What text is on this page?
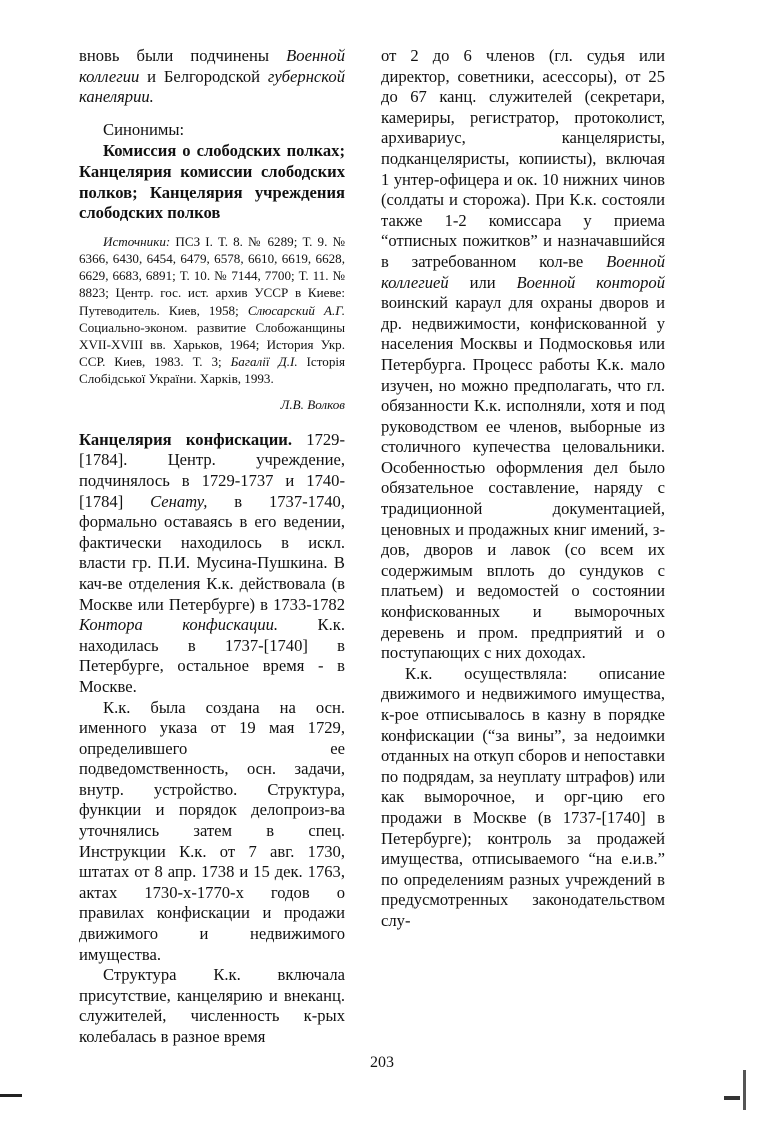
вновь были подчинены Военной коллегии и Белгородской губернской канелярии.

Синонимы:

Комиссия о слободских полках; Канцелярия комиссии слободских полков; Канцелярия учреждения слободских полков

Источники: ПСЗ I. Т. 8. № 6289; Т. 9. № 6366, 6430, 6454, 6479, 6578, 6610, 6619, 6628, 6629, 6683, 6891; Т. 10. № 7144, 7700; Т. 11. № 8823; Центр. гос. ист. архив УССР в Киеве: Путеводитель. Киев, 1958; Слюсарский А.Г. Социально-эконом. развитие Слобожанщины XVII-XVIII вв. Харьков, 1964; История Укр. ССР. Киев, 1983. Т. 3; Багалії Д.І. Історія Слобідської України. Харків, 1993.

Л.В. Волков

Канцелярия конфискации. 1729-[1784]. Центр. учреждение, подчинялось в 1729-1737 и 1740-[1784] Сенату, в 1737-1740, формально оставаясь в его ведении, фактически находилось в искл. власти гр. П.И. Мусина-Пушкина. В кач-ве отделения К.к. действовала (в Москве или Петербурге) в 1733-1782 Контора конфискации. К.к. находилась в 1737-[1740] в Петербурге, остальное время - в Москве.

К.к. была создана на осн. именного указа от 19 мая 1729, определившего ее подведомственность, осн. задачи, внутр. устройство. Структура, функции и порядок делопроиз-ва уточнялись затем в спец. Инструкции К.к. от 7 авг. 1730, штатах от 8 апр. 1738 и 15 дек. 1763, актах 1730-х-1770-х годов о правилах конфискации и продажи движимого и недвижимого имущества.

Структура К.к. включала присутствие, канцелярию и внеканц. служителей, численность к-рых колебалась в разное время

от 2 до 6 членов (гл. судья или директор, советники, асессоры), от 25 до 67 канц. служителей (секретари, камериры, регистратор, протоколист, архивариус, канцеляристы, подканцеляристы, копиисты), включая 1 унтер-офицера и ок. 10 нижних чинов (солдаты и сторожа). При К.к. состояли также 1-2 комиссара у приема “отписных пожитков” и назначавшийся в затребованном кол-ве Военной коллегией или Военной конторой воинский караул для охраны дворов и др. недвижимости, конфискованной у населения Москвы и Подмосковья или Петербурга. Процесс работы К.к. мало изучен, но можно предполагать, что гл. обязанности К.к. исполняли, хотя и под руководством ее членов, выборные из столичного купечества целовальники. Особенностью оформления дел было обязательное составление, наряду с традиционной документацией, ценовных и продажных книг имений, з-дов, дворов и лавок (со всем их содержимым вплоть до сундуков с платьем) и ведомостей о состоянии конфискованных и выморочных деревень и пром. предприятий и о поступающих с них доходах.

К.к. осуществляла: описание движимого и недвижимого имущества, к-рое отписывалось в казну в порядке конфискации (“за вины”, за недоимки отданных на откуп сборов и непоставки по подрядам, за неуплату штрафов) или как выморочное, и орг-цию его продажи в Москве (в 1737-[1740] в Петербурге); контроль за продажей имущества, отписываемого “на е.и.в.” по определениям разных учреждений в предусмотренных законодательством слу-

203
